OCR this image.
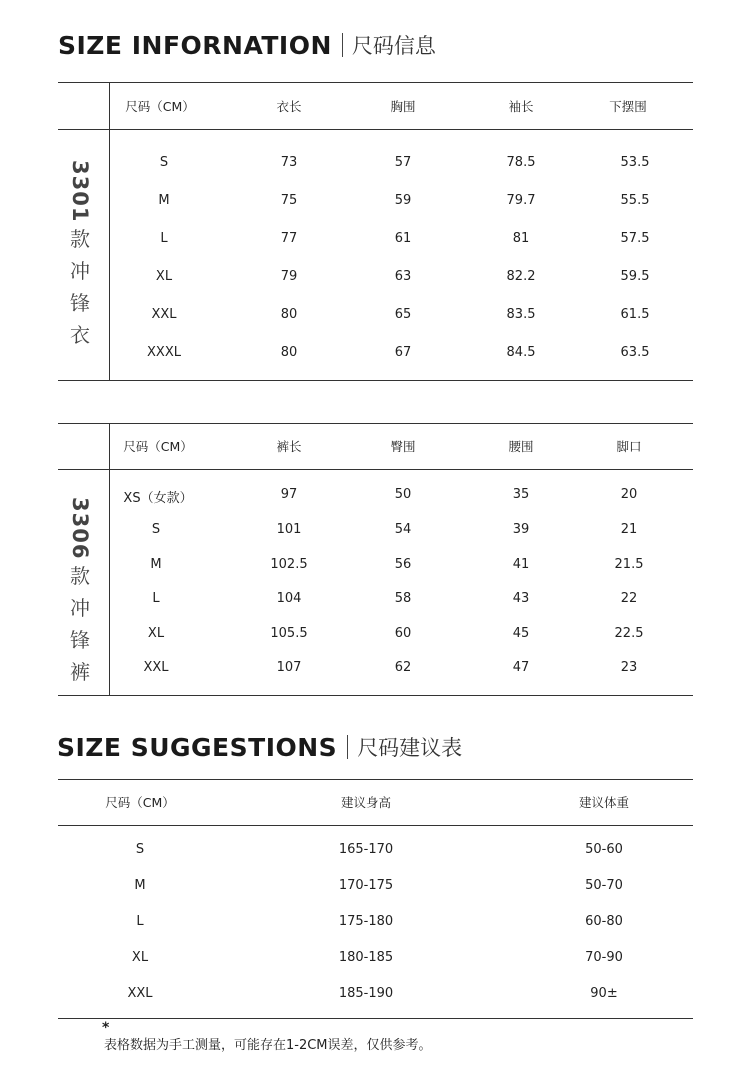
SIZE INFORNATION 尺码信息
3301
款
冲
锋
衣
尺码（CM）	衣长	胸围	袖长	下摆围
S	73	57	78.5	53.5
M	75	59	79.7	55.5
L	77	61	81	57.5
XL	79	63	82.2	59.5
XXL	80	65	83.5	61.5
XXXL	80	67	84.5	63.5
3306
款
冲
锋
裤
尺码（CM）	裤长	臀围	腰围	脚口
XS（女款）	97	50	35	20
S	101	54	39	21
M	102.5	56	41	21.5
L	104	58	43	22
XL	105.5	60	45	22.5
XXL	107	62	47	23
SIZE SUGGESTIONS 尺码建议表
尺码（CM）	建议身高	建议体重
S	165-170	50-60
M	170-175	50-70
L	175-180	60-80
XL	180-185	70-90
XXL	185-190	90±
*
表格数据为手工测量，可能存在1-2CM误差，仅供参考。
